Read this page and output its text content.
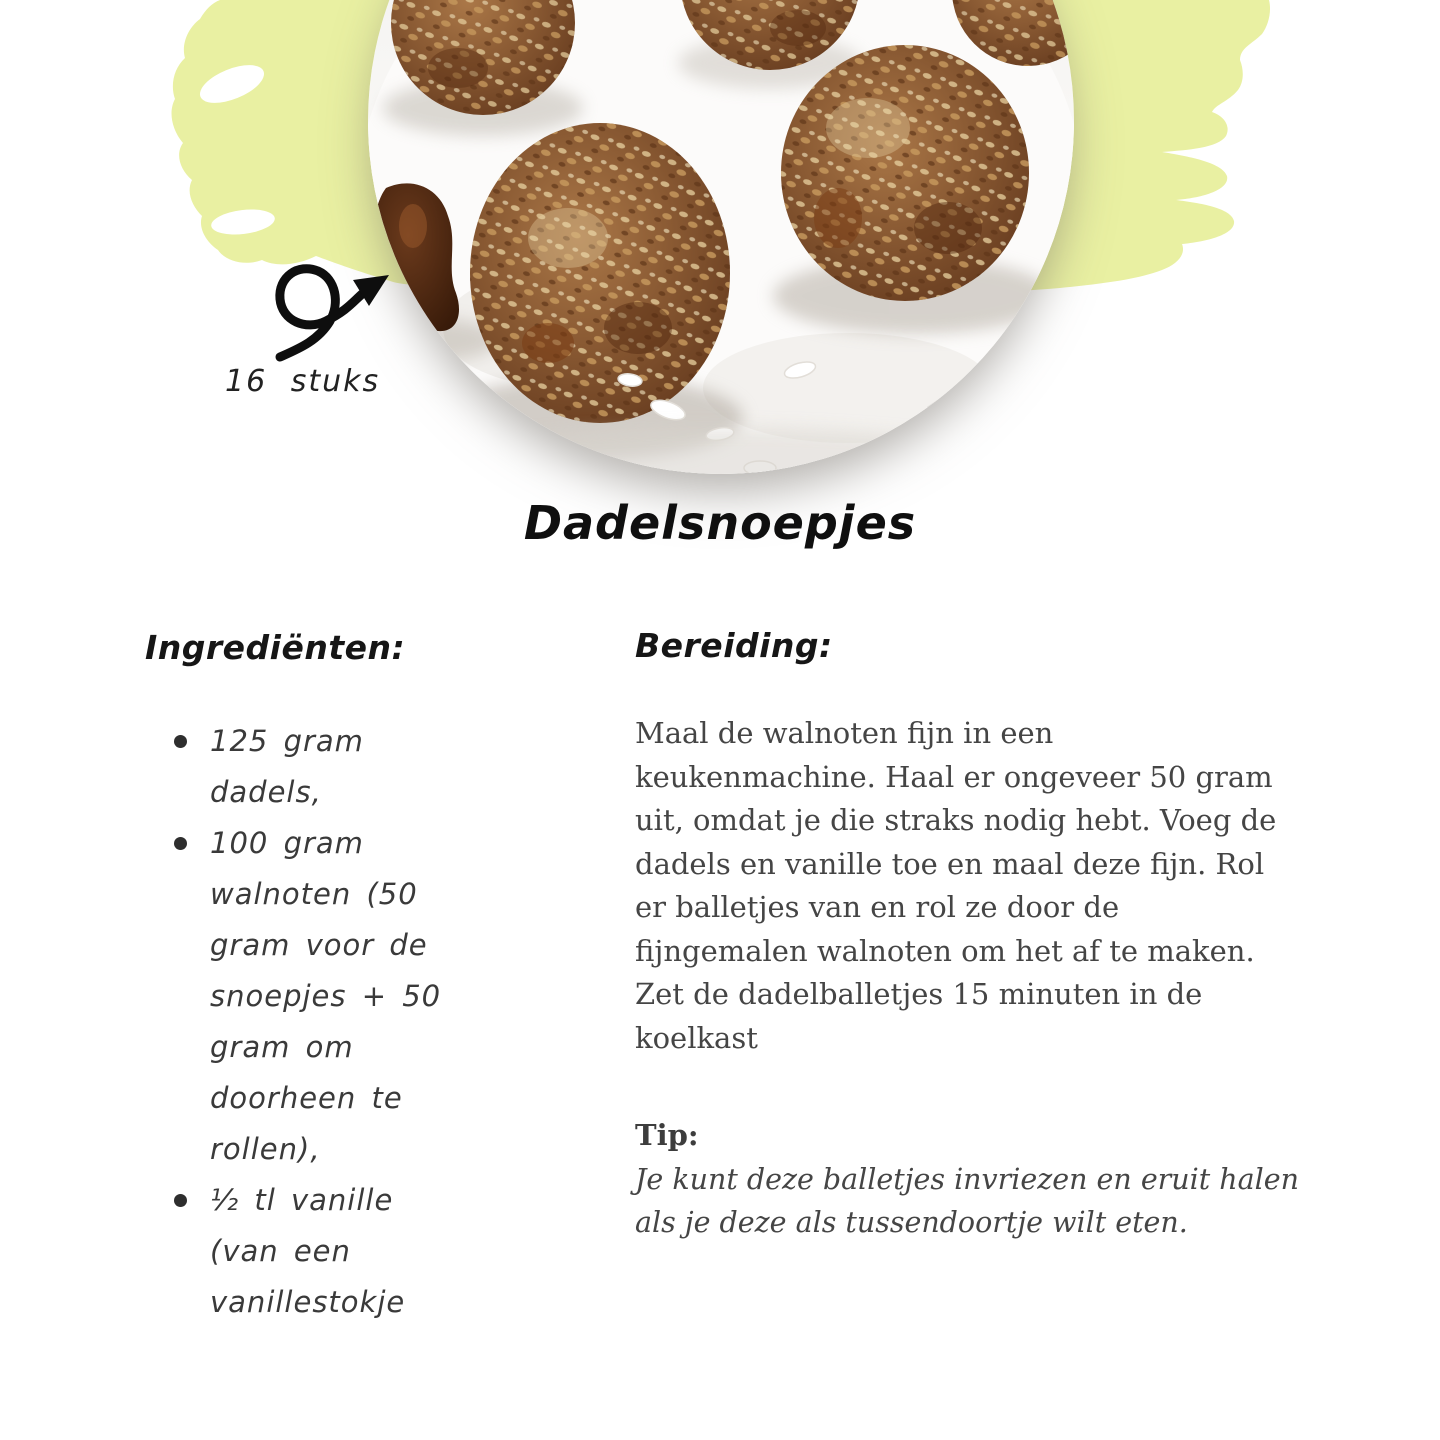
16 stuks
Dadelsnoepjes
Ingrediënten:
125 gram dadels,
100 gram walnoten (50 gram voor de snoepjes + 50 gram om doorheen te rollen),
½ tl vanille (van een vanillestokje
Bereiding:
Maal de walnoten fijn in een keukenmachine. Haal er ongeveer 50 gram uit, omdat je die straks nodig hebt. Voeg de dadels en vanille toe en maal deze fijn. Rol er balletjes van en rol ze door de fijngemalen walnoten om het af te maken. Zet de dadelballetjes 15 minuten in de koelkast
Tip:
Je kunt deze balletjes invriezen en eruit halen als je deze als tussendoortje wilt eten.
